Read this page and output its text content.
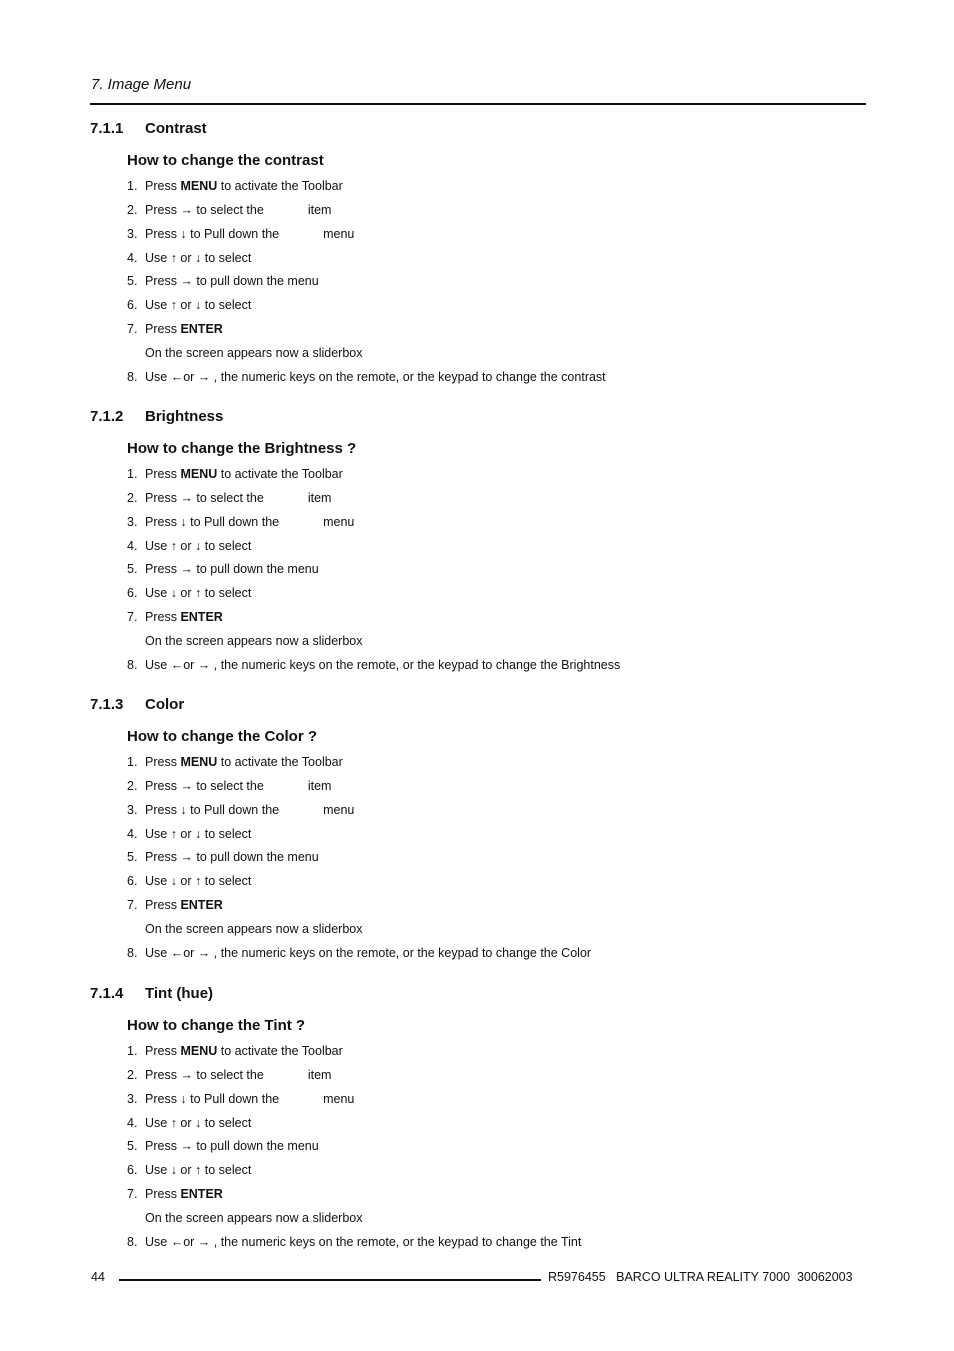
7. Image Menu
7.1.1 Contrast
How to change the contrast
1. Press MENU to activate the Toolbar
2. Press → to select the	item
3. Press ↓ to Pull down the	menu
4. Use ↑ or ↓ to select
5. Press → to pull down the menu
6. Use ↑ or ↓ to select
7. Press ENTER
8. Use ←or → , the numeric keys on the remote, or the keypad to change the contrast
On the screen appears now a sliderbox
7.1.2 Brightness
How to change the Brightness ?
1. Press MENU to activate the Toolbar
2. Press → to select the	item
3. Press ↓ to Pull down the	menu
4. Use ↑ or ↓ to select
5. Press → to pull down the menu
6. Use ↓ or ↑ to select
7. Press ENTER
8. Use ←or → , the numeric keys on the remote, or the keypad to change the Brightness
On the screen appears now a sliderbox
7.1.3 Color
How to change the Color ?
1. Press MENU to activate the Toolbar
2. Press → to select the	item
3. Press ↓ to Pull down the	menu
4. Use ↑ or ↓ to select
5. Press → to pull down the menu
6. Use ↓ or ↑ to select
7. Press ENTER
8. Use ←or → , the numeric keys on the remote, or the keypad to change the Color
On the screen appears now a sliderbox
7.1.4 Tint (hue)
How to change the Tint ?
1. Press MENU to activate the Toolbar
2. Press → to select the	item
3. Press ↓ to Pull down the	menu
4. Use ↑ or ↓ to select
5. Press → to pull down the menu
6. Use ↓ or ↑ to select
7. Press ENTER
8. Use ←or → , the numeric keys on the remote, or the keypad to change the Tint
On the screen appears now a sliderbox
44	R5976455   BARCO ULTRA REALITY 7000  30062003
